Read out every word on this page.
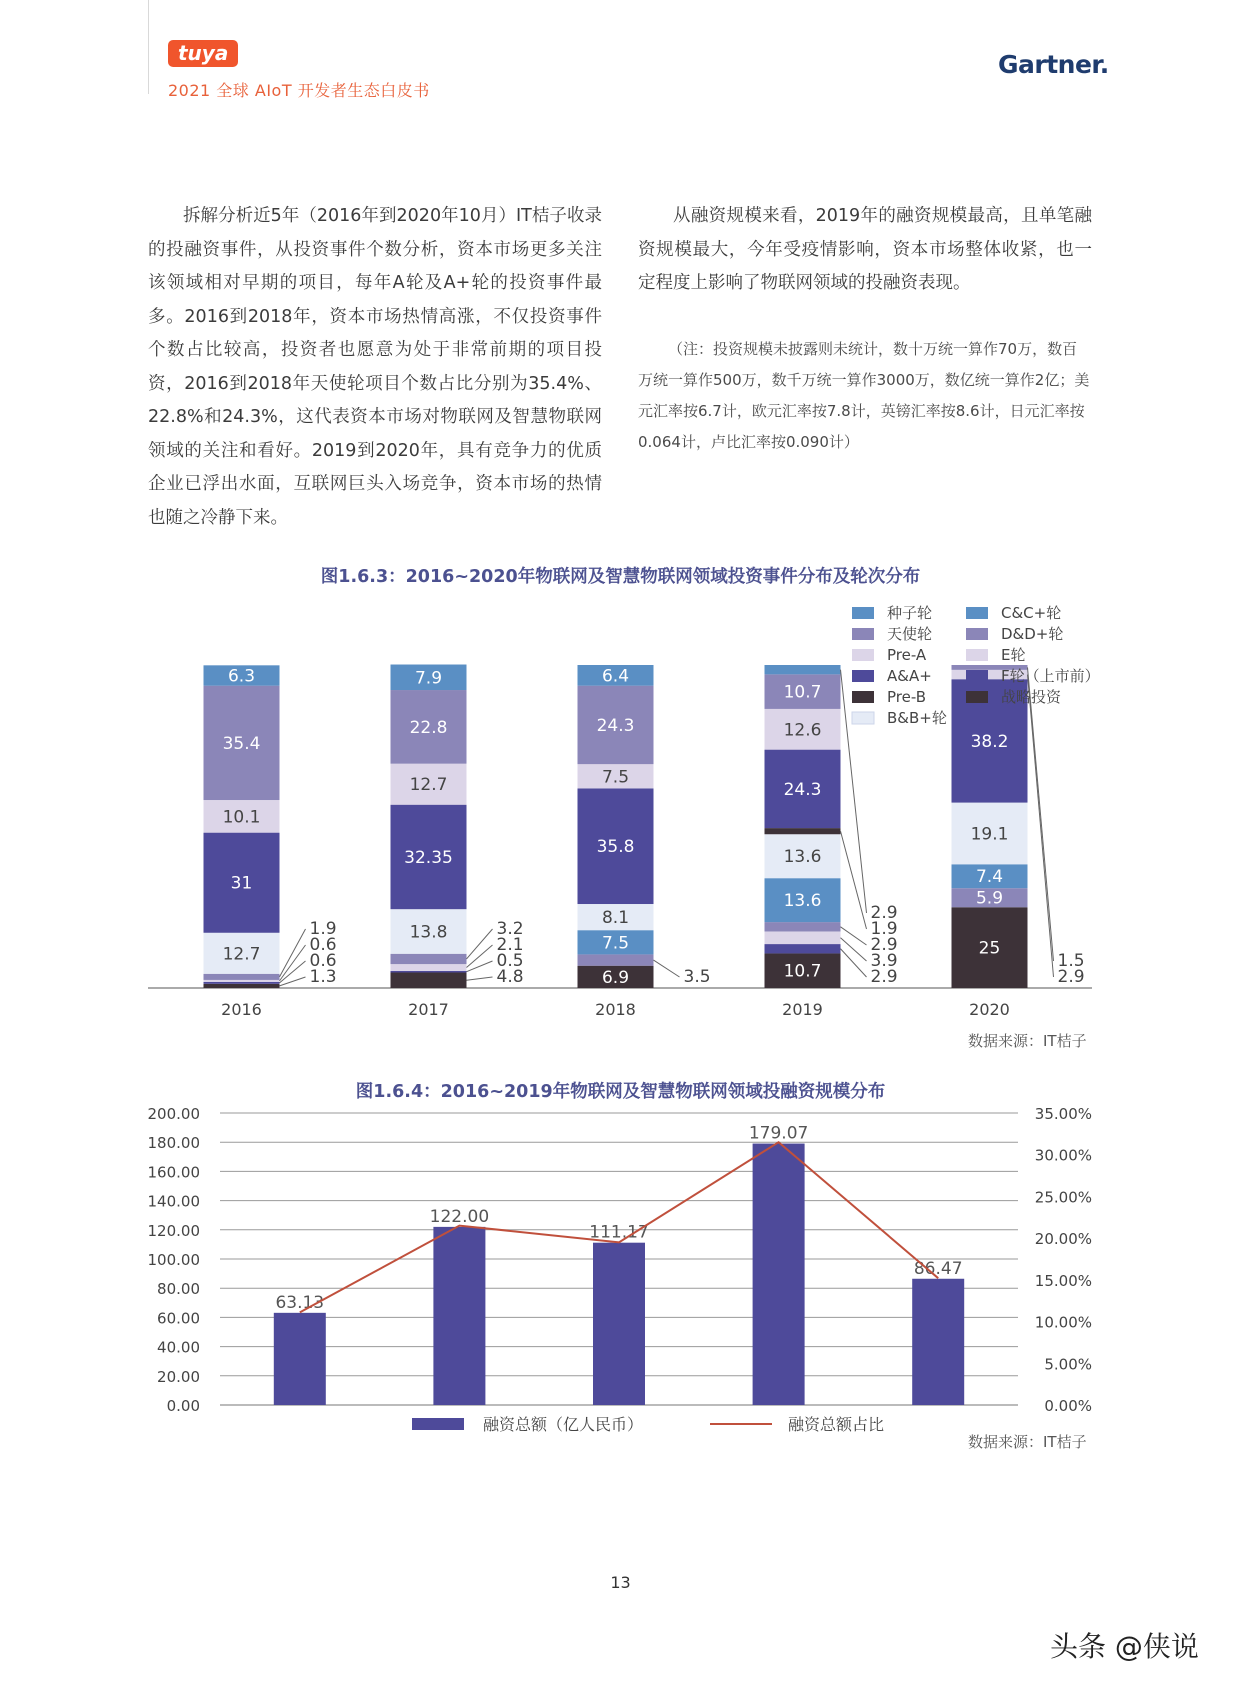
tuya
2021 全球 AIoT 开发者生态白皮书
Gartner.

拆解分析近5年（2016年到2020年10月）IT桔子收录的投融资事件，从投资事件个数分析，资本市场更多关注该领域相对早期的项目，每年A轮及A+轮的投资事件最多。2016到2018年，资本市场热情高涨，不仅投资事件个数占比较高，投资者也愿意为处于非常前期的项目投资，2016到2018年天使轮项目个数占比分别为35.4%、22.8%和24.3%，这代表资本市场对物联网及智慧物联网领域的关注和看好。2019到2020年，具有竞争力的优质企业已浮出水面，互联网巨头入场竞争，资本市场的热情也随之冷静下来。

从融资规模来看，2019年的融资规模最高，且单笔融资规模最大，今年受疫情影响，资本市场整体收紧，也一定程度上影响了物联网领域的投融资表现。

（注：投资规模未披露则未统计，数十万统一算作70万，数百万统一算作500万，数千万统一算作3000万，数亿统一算作2亿；美元汇率按6.7计，欧元汇率按7.8计，英镑汇率按8.6计，日元汇率按0.064计，卢比汇率按0.090计）

图1.6.3：2016~2020年物联网及智慧物联网领域投资事件分布及轮次分布
12.7
31
10.1
35.4
6.3
1.3
0.6
0.6
1.9
2016
13.8
32.35
12.7
22.8
7.9
4.8
0.5
2.1
3.2
2017
6.9
7.5
8.1
35.8
7.5
24.3
6.4
3.5
2018
10.7
13.6
13.6
24.3
12.6
10.7
2.9
3.9
2.9
1.9
2.9
2019
25
5.9
7.4
19.1
38.2
2.9
1.5
2020
种子轮	C&C+轮
天使轮	D&D+轮
Pre-A	E轮
A&A+	F轮（上市前）
Pre-B	战略投资
B&B+轮
数据来源：IT桔子
图1.6.4：2016~2019年物联网及智慧物联网领域投融资规模分布
0.00
20.00
40.00
60.00
80.00
100.00
120.00
140.00
160.00
180.00
200.00
0.00%
5.00%
10.00%
15.00%
20.00%
25.00%
30.00%
35.00%
63.13
122.00
111.17
179.07
86.47
融资总额（亿人民币）	融资总额占比
数据来源：IT桔子
13
头条 @侠说
